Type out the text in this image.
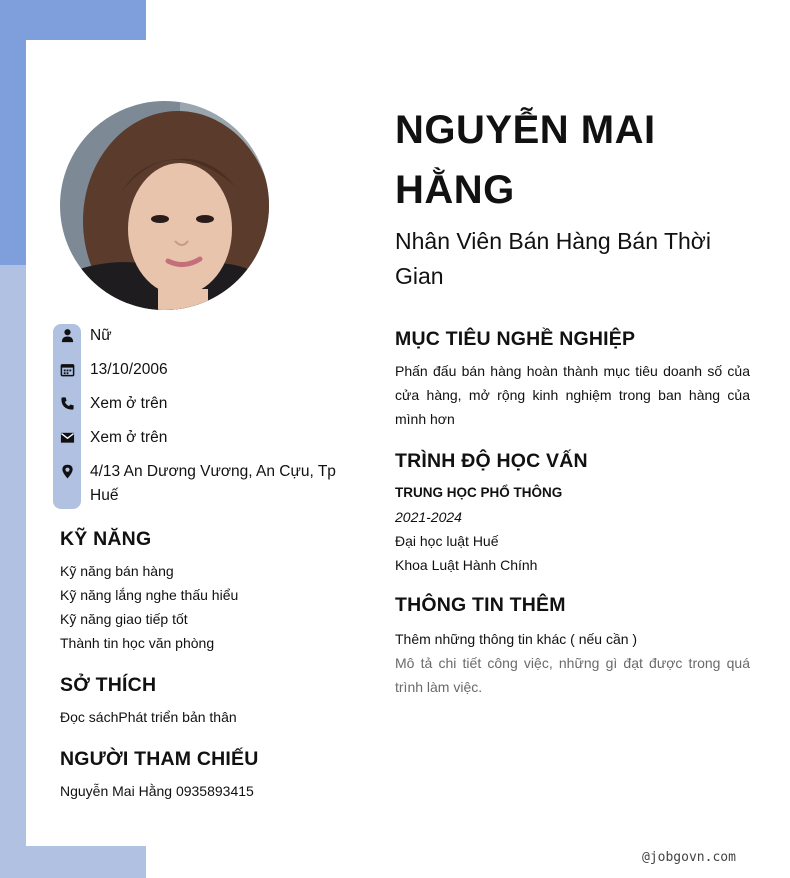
Nữ
13/10/2006
Xem ở trên
Xem ở trên
4/13 An Dương Vương, An Cựu, Tp Huế
KỸ NĂNG
Kỹ năng bán hàng
Kỹ năng lắng nghe thấu hiểu
Kỹ năng giao tiếp tốt
Thành tin học văn phòng
SỞ THÍCH
Đọc sáchPhát triển bản thân
NGƯỜI THAM CHIẾU
Nguyễn Mai Hằng 0935893415
NGUYỄN MAI HẰNG
Nhân Viên Bán Hàng Bán Thời Gian
MỤC TIÊU NGHỀ NGHIỆP

Phấn đấu bán hàng hoàn thành mục tiêu doanh số của cửa hàng, mở rộng kinh nghiệm trong ban hàng của mình hơn

TRÌNH ĐỘ HỌC VẤN

TRUNG HỌC PHỔ THÔNG

2021-2024

Đại học luật Huế

Khoa Luật Hành Chính

THÔNG TIN THÊM

Thêm những thông tin khác ( nếu cần )

Mô tả chi tiết công việc, những gì đạt được trong quá trình làm việc.

@jobgovn.com
